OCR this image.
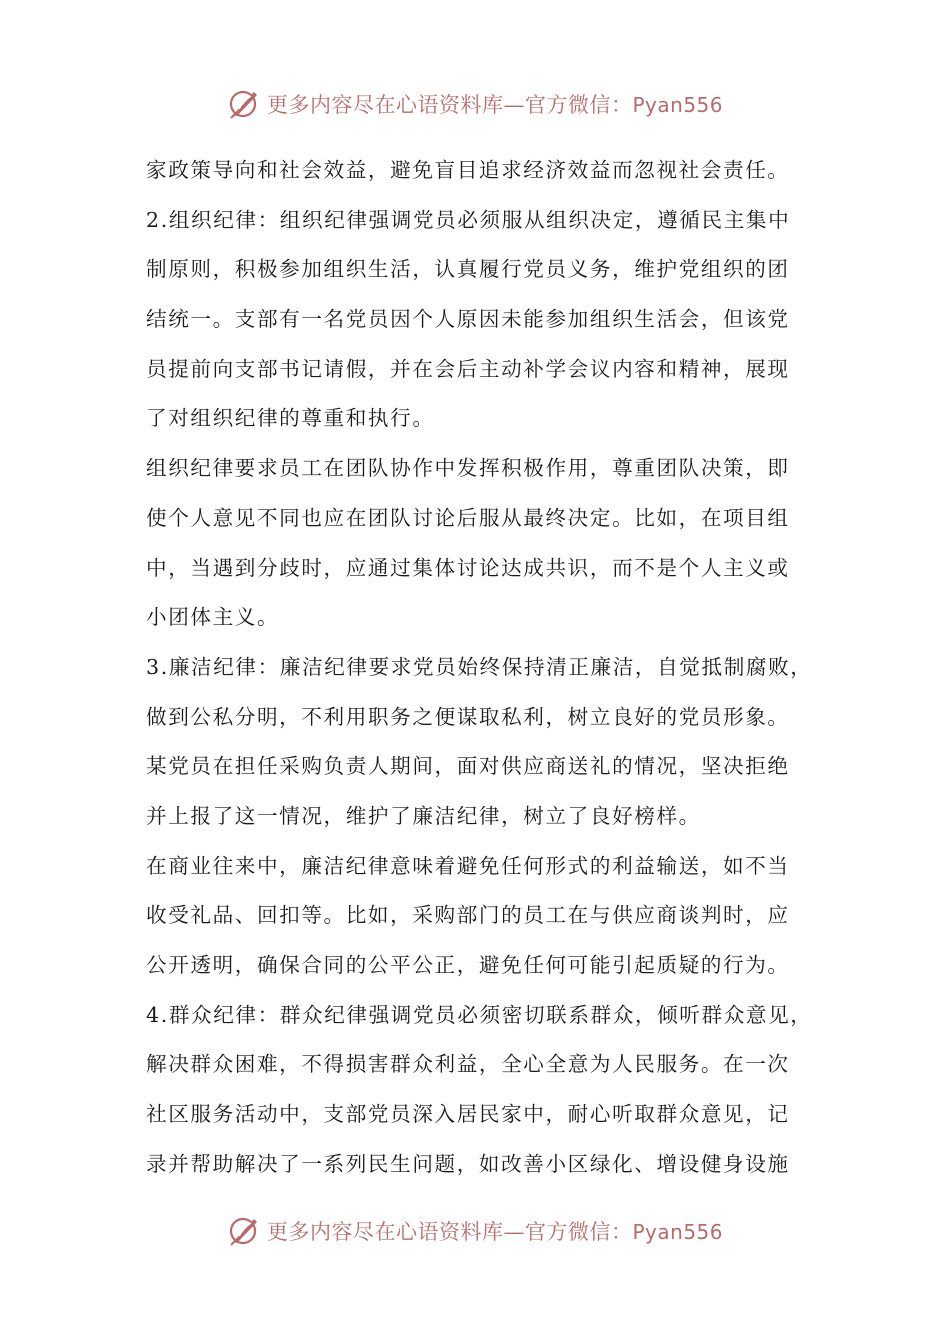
更多内容尽在心语资料库—官方微信：Pyan556
家政策导向和社会效益，避免盲目追求经济效益而忽视社会责任。
2.组织纪律：组织纪律强调党员必须服从组织决定，遵循民主集中
制原则，积极参加组织生活，认真履行党员义务，维护党组织的团
结统一。支部有一名党员因个人原因未能参加组织生活会，但该党
员提前向支部书记请假，并在会后主动补学会议内容和精神，展现
了对组织纪律的尊重和执行。
组织纪律要求员工在团队协作中发挥积极作用，尊重团队决策，即
使个人意见不同也应在团队讨论后服从最终决定。比如，在项目组
中，当遇到分歧时，应通过集体讨论达成共识，而不是个人主义或
小团体主义。
3.廉洁纪律：廉洁纪律要求党员始终保持清正廉洁，自觉抵制腐败，
做到公私分明，不利用职务之便谋取私利，树立良好的党员形象。
某党员在担任采购负责人期间，面对供应商送礼的情况，坚决拒绝
并上报了这一情况，维护了廉洁纪律，树立了良好榜样。
在商业往来中，廉洁纪律意味着避免任何形式的利益输送，如不当
收受礼品、回扣等。比如，采购部门的员工在与供应商谈判时，应
公开透明，确保合同的公平公正，避免任何可能引起质疑的行为。
4.群众纪律：群众纪律强调党员必须密切联系群众，倾听群众意见，
解决群众困难，不得损害群众利益，全心全意为人民服务。在一次
社区服务活动中，支部党员深入居民家中，耐心听取群众意见，记
录并帮助解决了一系列民生问题，如改善小区绿化、增设健身设施
更多内容尽在心语资料库—官方微信：Pyan556
